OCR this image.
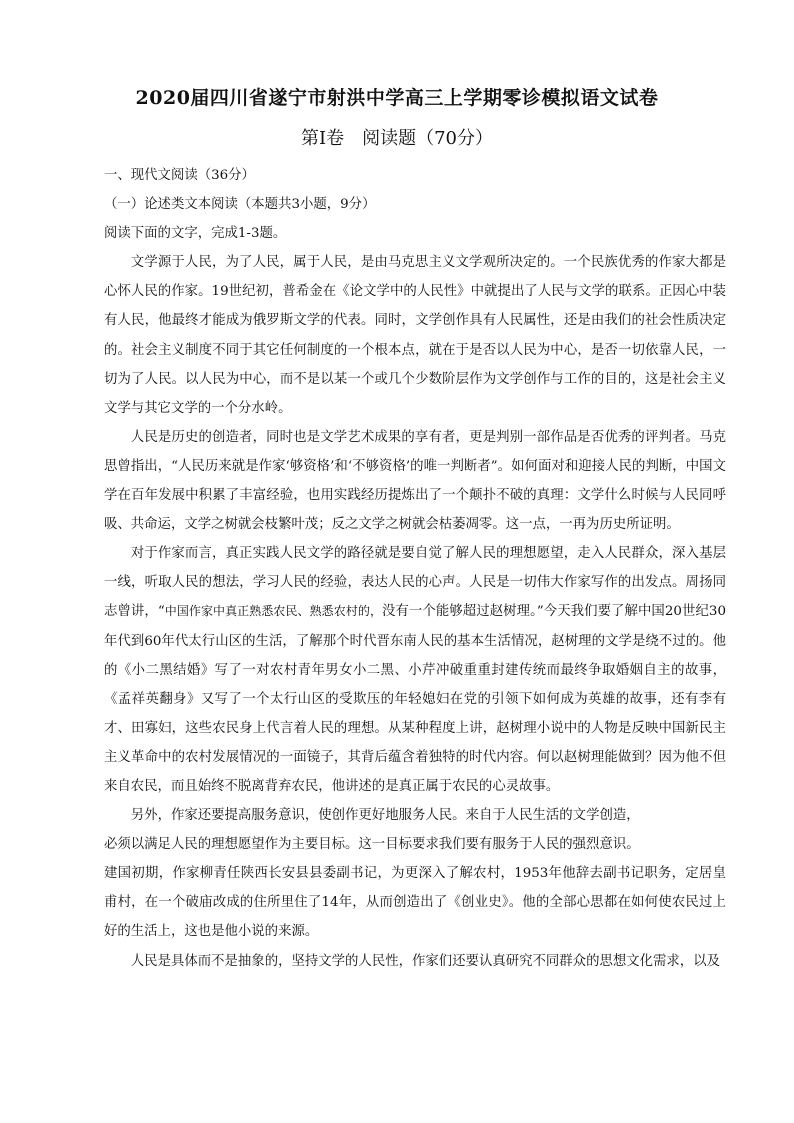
2020届四川省遂宁市射洪中学高三上学期零诊模拟语文试卷
第Ⅰ卷　阅读题（70分）

一、现代文阅读（36分）

（一）论述类文本阅读（本题共3小题，9分）

阅读下面的文字，完成1-3题。

文学源于人民，为了人民，属于人民，是由马克思主义文学观所决定的。一个民族优秀的作家大都是心怀人民的作家。19世纪初，普希金在《论文学中的人民性》中就提出了人民与文学的联系。正因心中装有人民，他最终才能成为俄罗斯文学的代表。同时，文学创作具有人民属性，还是由我们的社会性质决定的。社会主义制度不同于其它任何制度的一个根本点，就在于是否以人民为中心，是否一切依靠人民，一切为了人民。以人民为中心，而不是以某一个或几个少数阶层作为文学创作与工作的目的，这是社会主义文学与其它文学的一个分水岭。

人民是历史的创造者，同时也是文学艺术成果的享有者，更是判别一部作品是否优秀的评判者。马克思曾指出，“人民历来就是作家‘够资格’和‘不够资格’的唯一判断者”。如何面对和迎接人民的判断，中国文学在百年发展中积累了丰富经验，也用实践经历提炼出了一个颠扑不破的真理：文学什么时候与人民同呼吸、共命运，文学之树就会枝繁叶茂；反之文学之树就会枯萎凋零。这一点，一再为历史所证明。

对于作家而言，真正实践人民文学的路径就是要自觉了解人民的理想愿望，走入人民群众，深入基层一线，听取人民的想法，学习人民的经验，表达人民的心声。人民是一切伟大作家写作的出发点。周扬同志曾讲，“中国作家中真正熟悉农民、熟悉农村的，没有一个能够超过赵树理。”今天我们要了解中国20世纪30年代到60年代太行山区的生活，了解那个时代晋东南人民的基本生活情况，赵树理的文学是绕不过的。他的《小二黑结婚》写了一对农村青年男女小二黑、小芹冲破重重封建传统而最终争取婚姻自主的故事，《孟祥英翻身》又写了一个太行山区的受欺压的年轻媳妇在党的引领下如何成为英雄的故事，还有李有才、田寡妇，这些农民身上代言着人民的理想。从某种程度上讲，赵树理小说中的人物是反映中国新民主主义革命中的农村发展情况的一面镜子，其背后蕴含着独特的时代内容。何以赵树理能做到？因为他不但来自农民，而且始终不脱离背弃农民，他讲述的是真正属于农民的心灵故事。

另外，作家还要提高服务意识，使创作更好地服务人民。来自于人民生活的文学创造，

必须以满足人民的理想愿望作为主要目标。这一目标要求我们要有服务于人民的强烈意识。

建国初期，作家柳青任陕西长安县县委副书记，为更深入了解农村，1953年他辞去副书记职务，定居皇甫村，在一个破庙改成的住所里住了14年，从而创造出了《创业史》。他的全部心思都在如何使农民过上好的生活上，这也是他小说的来源。

人民是具体而不是抽象的，坚持文学的人民性，作家们还要认真研究不同群众的思想文化需求，以及
